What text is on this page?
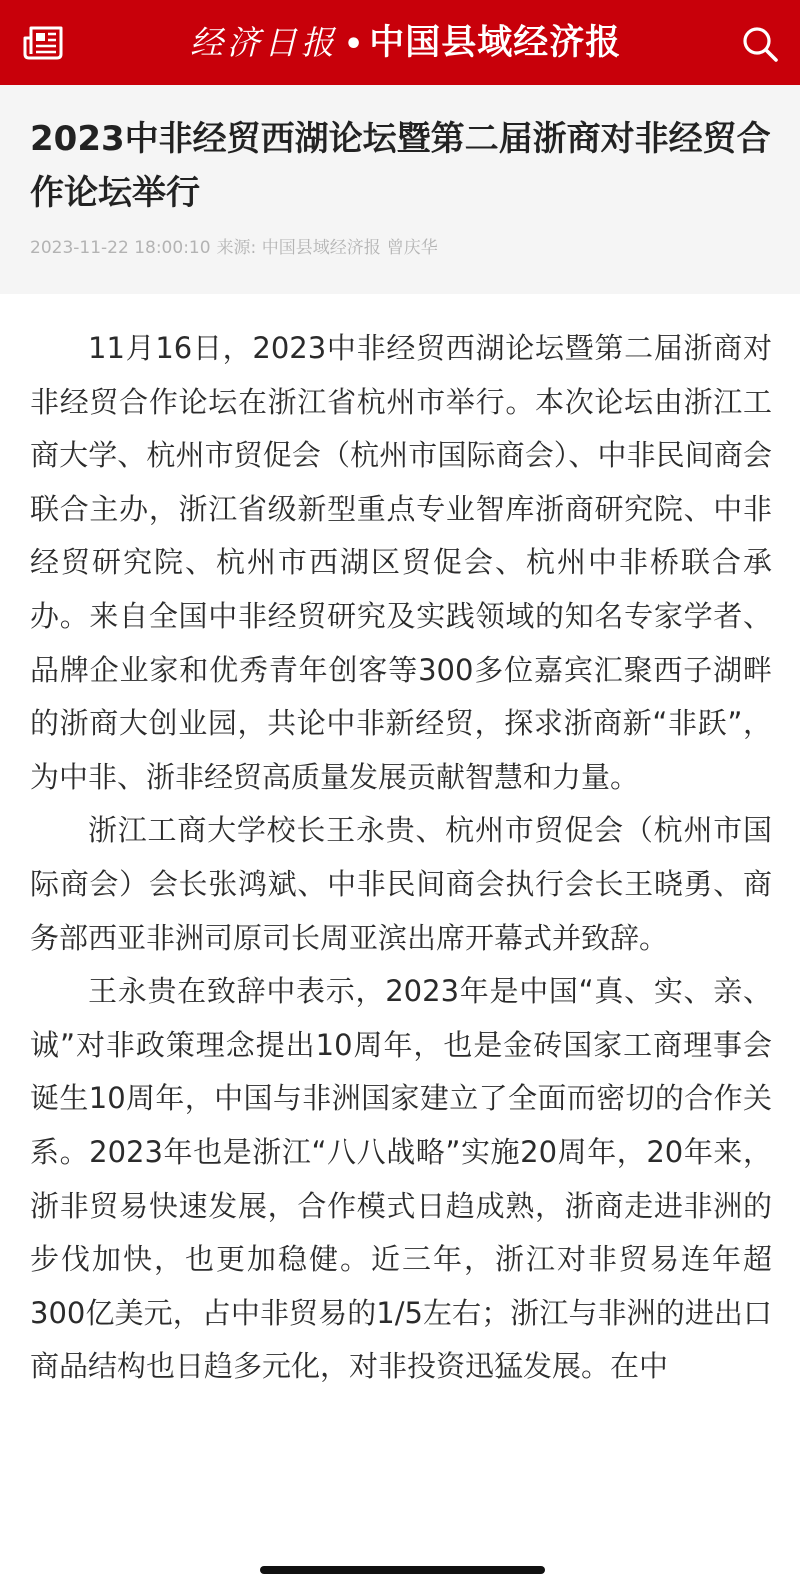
经济日报 • 中国县域经济报
2023中非经贸西湖论坛暨第二届浙商对非经贸合作论坛举行

2023-11-22 18:00:10 来源: 中国县域经济报 曾庆华

11月16日，2023中非经贸西湖论坛暨第二届浙商对非经贸合作论坛在浙江省杭州市举行。本次论坛由浙江工商大学、杭州市贸促会（杭州市国际商会）、中非民间商会联合主办，浙江省级新型重点专业智库浙商研究院、中非经贸研究院、杭州市西湖区贸促会、杭州中非桥联合承办。来自全国中非经贸研究及实践领域的知名专家学者、品牌企业家和优秀青年创客等300多位嘉宾汇聚西子湖畔的浙商大创业园，共论中非新经贸，探求浙商新“非跃”，为中非、浙非经贸高质量发展贡献智慧和力量。

浙江工商大学校长王永贵、杭州市贸促会（杭州市国际商会）会长张鸿斌、中非民间商会执行会长王晓勇、商务部西亚非洲司原司长周亚滨出席开幕式并致辞。

王永贵在致辞中表示，2023年是中国“真、实、亲、诚”对非政策理念提出10周年，也是金砖国家工商理事会诞生10周年，中国与非洲国家建立了全面而密切的合作关系。2023年也是浙江“八八战略”实施20周年，20年来，浙非贸易快速发展，合作模式日趋成熟，浙商走进非洲的步伐加快，也更加稳健。近三年，浙江对非贸易连年超300亿美元，占中非贸易的1/5左右；浙江与非洲的进出口商品结构也日趋多元化，对非投资迅猛发展。在中
